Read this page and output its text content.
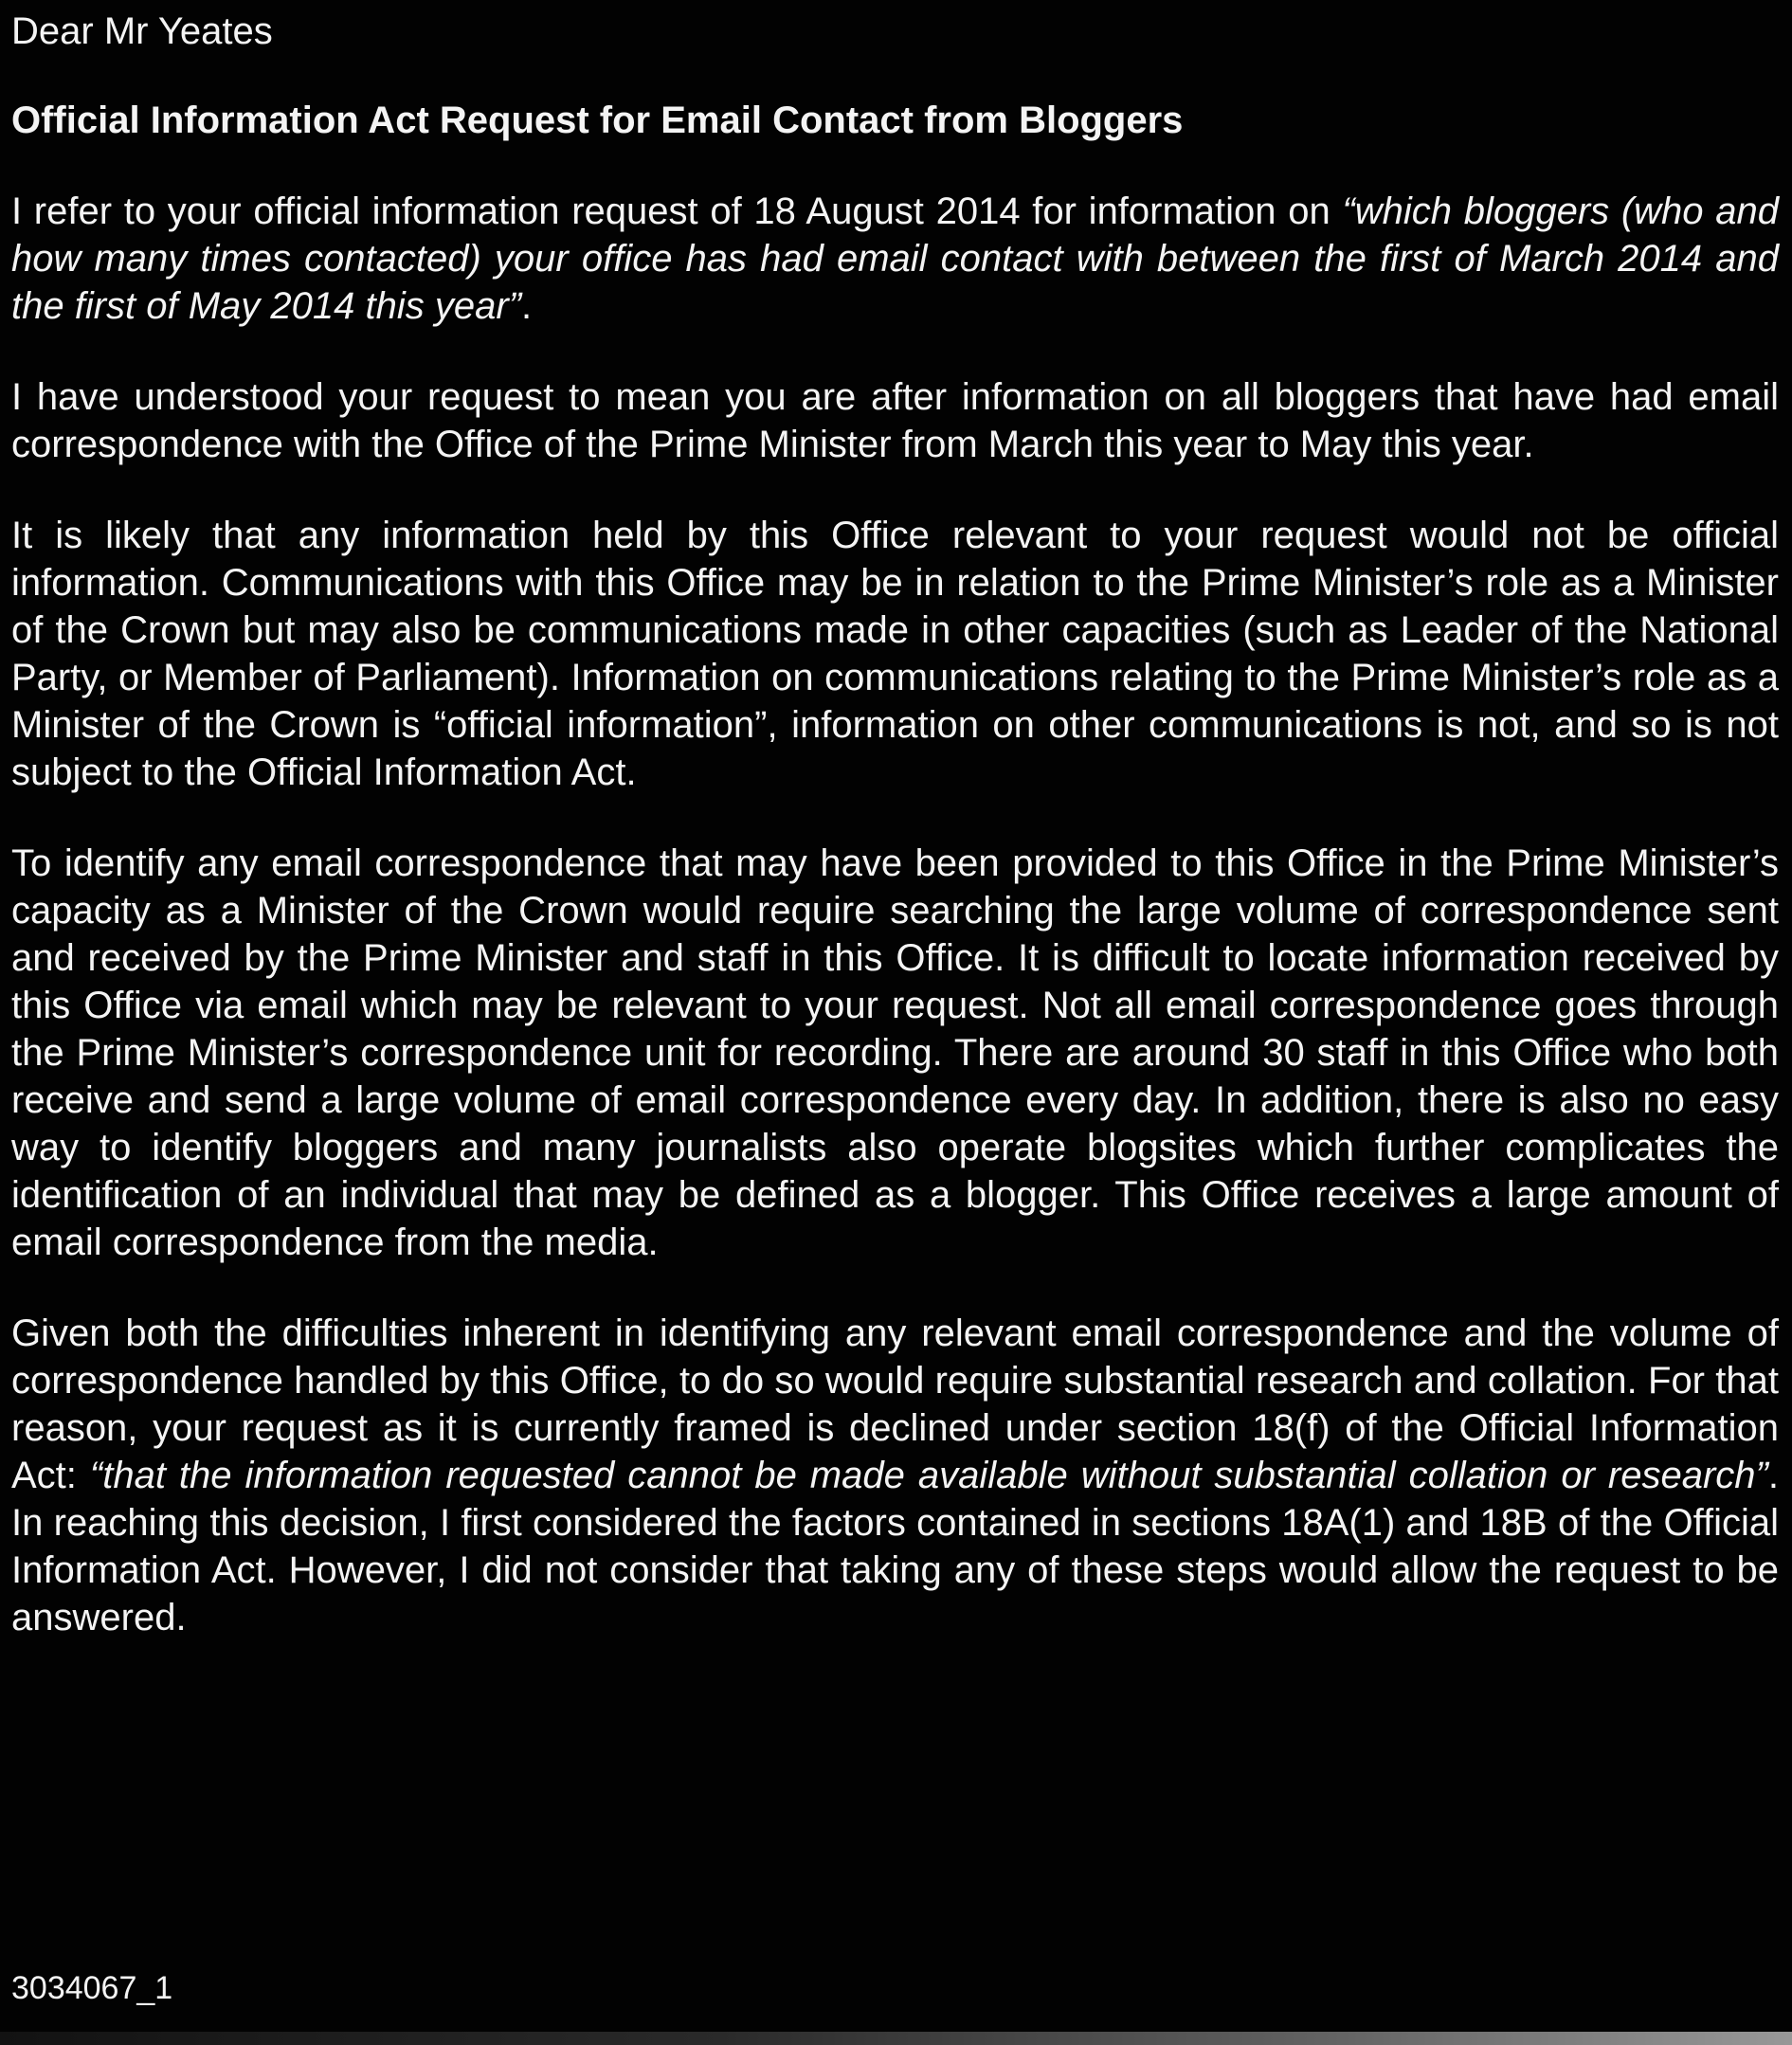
Dear Mr Yeates

Official Information Act Request for Email Contact from Bloggers

I refer to your official information request of 18 August 2014 for information on “which bloggers (who and how many times contacted) your office has had email contact with between the first of March 2014 and the first of May 2014 this year”.

I have understood your request to mean you are after information on all bloggers that have had email correspondence with the Office of the Prime Minister from March this year to May this year.

It is likely that any information held by this Office relevant to your request would not be official information. Communications with this Office may be in relation to the Prime Minister’s role as a Minister of the Crown but may also be communications made in other capacities (such as Leader of the National Party, or Member of Parliament). Information on communications relating to the Prime Minister’s role as a Minister of the Crown is “official information”, information on other communications is not, and so is not subject to the Official Information Act.

To identify any email correspondence that may have been provided to this Office in the Prime Minister’s capacity as a Minister of the Crown would require searching the large volume of correspondence sent and received by the Prime Minister and staff in this Office. It is difficult to locate information received by this Office via email which may be relevant to your request. Not all email correspondence goes through the Prime Minister’s correspondence unit for recording. There are around 30 staff in this Office who both receive and send a large volume of email correspondence every day. In addition, there is also no easy way to identify bloggers and many journalists also operate blogsites which further complicates the identification of an individual that may be defined as a blogger. This Office receives a large amount of email correspondence from the media.

Given both the difficulties inherent in identifying any relevant email correspondence and the volume of correspondence handled by this Office, to do so would require substantial research and collation. For that reason, your request as it is currently framed is declined under section 18(f) of the Official Information Act: “that the information requested cannot be made available without substantial collation or research”. In reaching this decision, I first considered the factors contained in sections 18A(1) and 18B of the Official Information Act. However, I did not consider that taking any of these steps would allow the request to be answered.

3034067_1
